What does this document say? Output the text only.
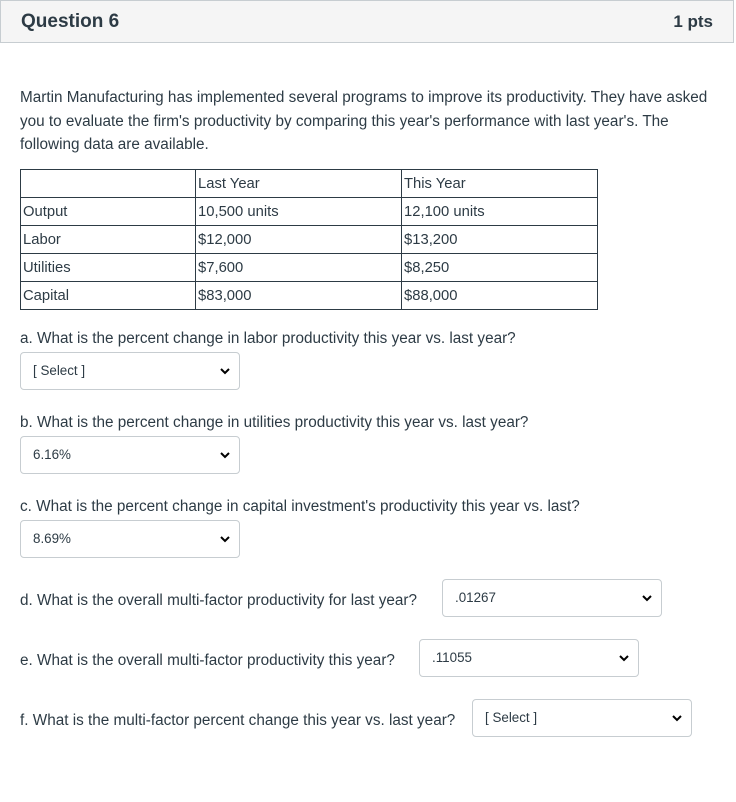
Question 6	1 pts
Martin Manufacturing has implemented several programs to improve its productivity. They have asked you to evaluate the firm's productivity by comparing this year's performance with last year's. The following data are available.
	Last Year	This Year
Output	10,500 units	12,100 units
Labor	$12,000	$13,200
Utilities	$7,600	$8,250
Capital	$83,000	$88,000
a. What is the percent change in labor productivity this year vs. last year?
[ Select ]
b. What is the percent change in utilities productivity this year vs. last year?
6.16%
c. What is the percent change in capital investment's productivity this year vs. last?
8.69%
d. What is the overall multi-factor productivity for last year?	.01267
e. What is the overall multi-factor productivity this year?	.11055
f. What is the multi-factor percent change this year vs. last year? [ Select ]
